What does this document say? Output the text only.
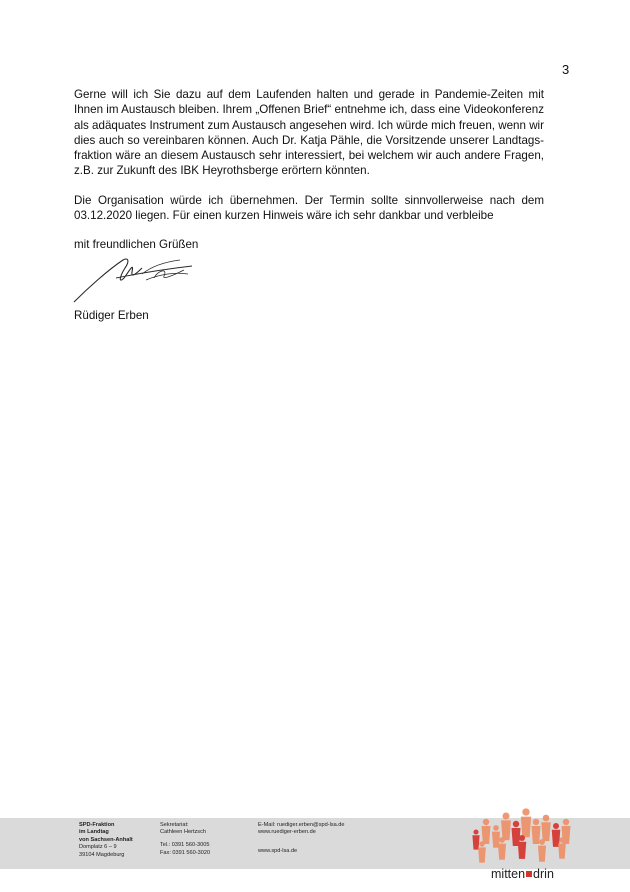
3

Gerne will ich Sie dazu auf dem Laufenden halten und gerade in Pandemie-Zeiten mit Ihnen im Austausch bleiben. Ihrem „Offenen Brief“ entnehme ich, dass eine Videokonferenz als adäquates Instrument zum Austausch angesehen wird. Ich würde mich freuen, wenn wir dies auch so vereinbaren können. Auch Dr. Katja Pähle, die Vorsitzende unserer Landtags-fraktion wäre an diesem Austausch sehr interessiert, bei welchem wir auch andere Fragen, z.B. zur Zukunft des IBK Heyrothsberge erörtern könnten.

Die Organisation würde ich übernehmen. Der Termin sollte sinnvollerweise nach dem 03.12.2020 liegen. Für einen kurzen Hinweis wäre ich sehr dankbar und verbleibe

mit freundlichen Grüßen

Rüdiger Erben
SPD-Fraktion
im Landtag
von Sachsen-Anhalt
Domplatz 6 – 9
39104 Magdeburg
Sekretariat:
Cathleen Hertzsch
Tel.: 0391 560-3005
Fax: 0391 560-3020
E-Mail: ruediger.erben@spd-lsa.de
www.ruediger-erben.de
www.spd-lsa.de
mitten drin
